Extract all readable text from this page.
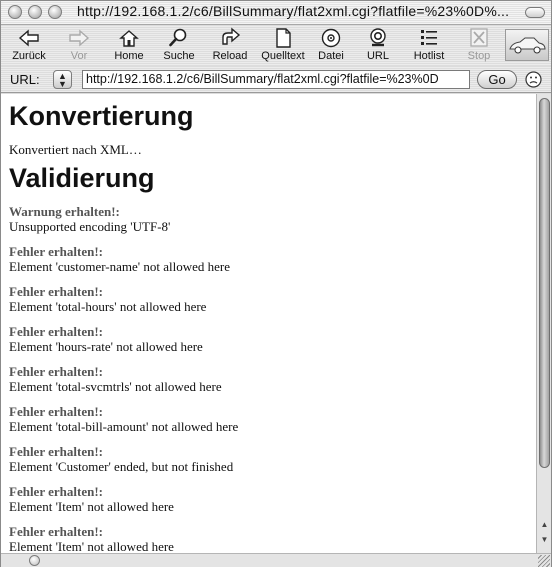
http://192.168.1.2/c6/BillSummary/flat2xml.cgi?flatfile=%23%0D%...
Zurück	Vor	Home	Suche	Reload	Quelltext	Datei	URL	Hotlist	Stop
URL:	▲
▼	http://192.168.1.2/c6/BillSummary/flat2xml.cgi?flatfile=%23%0D	Go
Konvertierung

Konvertiert nach XML…

Validierung
Warnung erhalten!:
Unsupported encoding 'UTF-8'
Fehler erhalten!:
Element 'customer-name' not allowed here
Fehler erhalten!:
Element 'total-hours' not allowed here
Fehler erhalten!:
Element 'hours-rate' not allowed here
Fehler erhalten!:
Element 'total-svcmtrls' not allowed here
Fehler erhalten!:
Element 'total-bill-amount' not allowed here
Fehler erhalten!:
Element 'Customer' ended, but not finished
Fehler erhalten!:
Element 'Item' not allowed here
Fehler erhalten!:
Element 'Item' not allowed here
▲
▼
